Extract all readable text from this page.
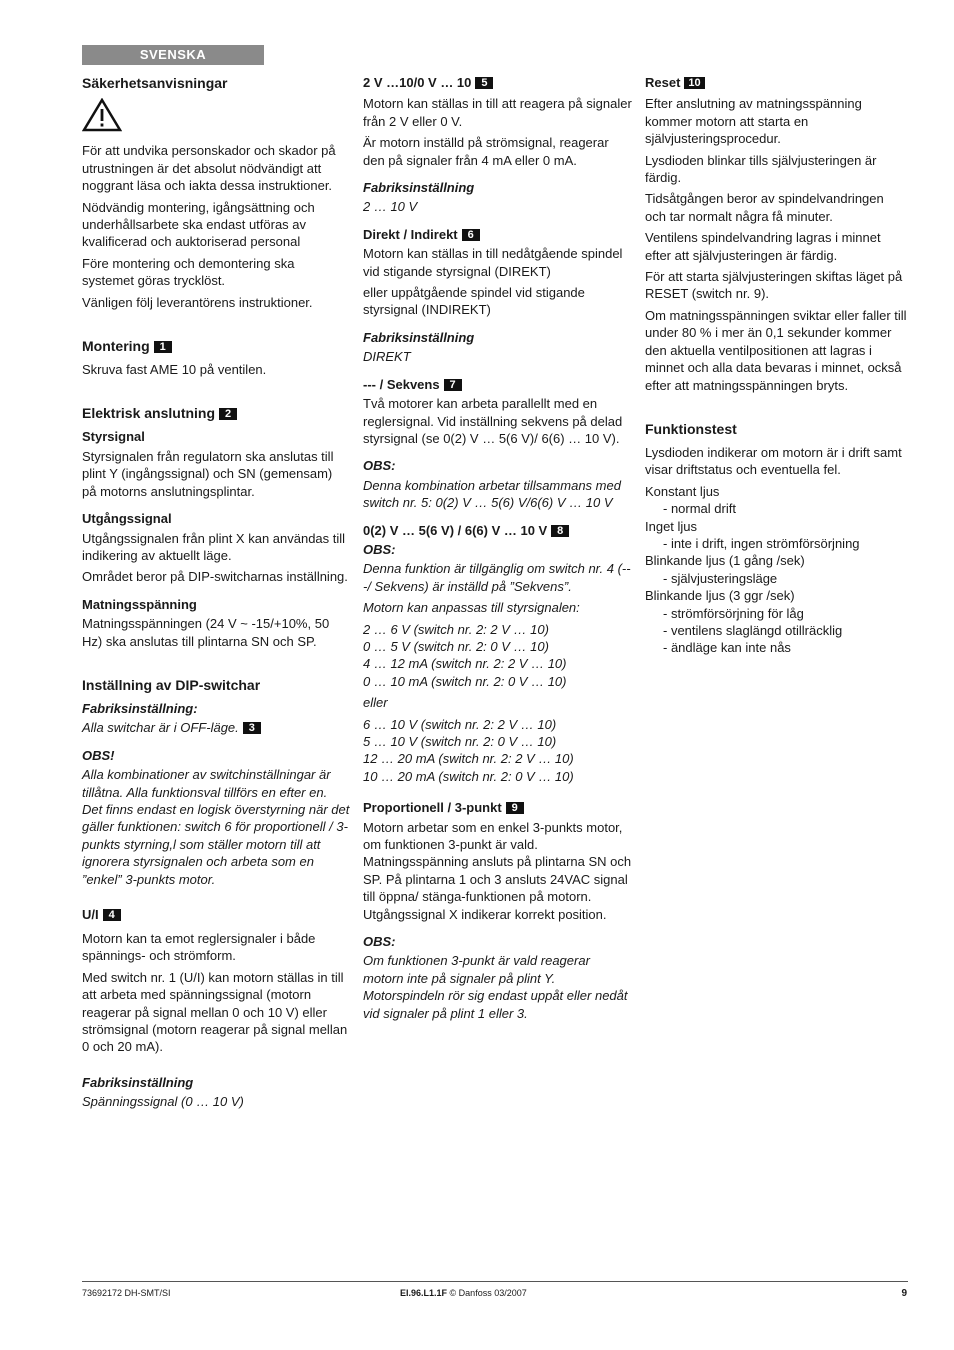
SVENSKA
Säkerhetsanvisningar

För att undvika personskador och skador på utrustningen är det absolut nödvändigt att noggrant läsa och iakta dessa instruktioner.

Nödvändig montering, igångsättning och underhållsarbete ska endast utföras av kvalificerad och auktoriserad personal

Före montering och demontering ska systemet göras trycklöst.

Vänligen följ leverantörens instruktioner.

Montering 1

Skruva fast AME 10 på ventilen.

Elektrisk anslutning 2
Styrsignal

Styrsignalen från regulatorn ska anslutas till plint Y (ingångssignal) och SN (gemensam) på motorns anslutningsplintar.

Utgångssignal

Utgångssignalen från plint X kan användas till indikering av aktuellt läge.

Området beror på DIP-switcharnas inställning.

Matningsspänning

Matningsspänningen (24 V ~ -15/+10%, 50 Hz) ska anslutas till plintarna SN och SP.

Inställning av DIP-switchar
Fabriksinställning:

Alla switchar är i OFF-läge. 3

OBS!

Alla kombinationer av switchinställningar är tillåtna. Alla funktionsval tillförs en efter en. Det finns endast en logisk överstyrning när det gäller funktionen: switch 6 för proportionell / 3-punkts styrning,l som ställer motorn till att ignorera styrsignalen och arbeta som en ”enkel” 3-punkts motor.

U/I 4

Motorn kan ta emot reglersignaler i både spännings- och strömform.

Med switch nr. 1 (U/I) kan motorn ställas in till att arbeta med spänningssignal (motorn reagerar på signal mellan 0 och 10 V) eller strömsignal (motorn reagerar på signal mellan 0 och 20 mA).

Fabriksinställning

Spänningssignal (0 … 10 V)

2 V …10/0 V … 10 5

Motorn kan ställas in till att reagera på signaler från 2 V eller 0 V.

Är motorn inställd på strömsignal, reagerar den på signaler från 4 mA eller 0 mA.

Fabriksinställning

2 … 10 V

Direkt / Indirekt 6

Motorn kan ställas in till nedåtgående spindel vid stigande styrsignal (DIREKT)

eller uppåtgående spindel vid stigande styrsignal (INDIREKT)

Fabriksinställning

DIREKT

--- / Sekvens 7

Två motorer kan arbeta parallellt med en reglersignal. Vid inställning sekvens på delad styrsignal (se 0(2) V … 5(6 V)/ 6(6) … 10 V).

OBS:

Denna kombination arbetar tillsammans med switch nr. 5: 0(2) V … 5(6) V/6(6) V … 10 V

0(2) V … 5(6 V) / 6(6) V … 10 V 8
OBS:

Denna funktion är tillgänglig om switch nr. 4 (---/ Sekvens) är inställd på ”Sekvens”.

Motorn kan anpassas till styrsignalen:

2 … 6 V (switch nr. 2: 2 V … 10)
0 … 5 V (switch nr. 2: 0 V … 10)
4 … 12 mA (switch nr. 2: 2 V … 10)
0 … 10 mA (switch nr. 2: 0 V … 10)

eller

6 … 10 V (switch nr. 2: 2 V … 10)
5 … 10 V (switch nr. 2: 0 V … 10)
12 … 20 mA (switch nr. 2: 2 V … 10)
10 … 20 mA (switch nr. 2: 0 V … 10)
Proportionell / 3-punkt 9

Motorn arbetar som en enkel 3-punkts motor, om funktionen 3-punkt är vald. Matningsspänning ansluts på plintarna SN och SP. På plintarna 1 och 3 ansluts 24VAC signal till öppna/ stänga-funktionen på motorn. Utgångssignal X indikerar korrekt position.

OBS:

Om funktionen 3-punkt är vald reagerar motorn inte på signaler på plint Y. Motorspindeln rör sig endast uppåt eller nedåt vid signaler på plint 1 eller 3.

Reset 10

Efter anslutning av matningsspänning kommer motorn att starta en självjusteringsprocedur.

Lysdioden blinkar tills självjusteringen är färdig.

Tidsåtgången beror av spindelvandringen och tar normalt några få minuter.

Ventilens spindelvandring lagras i minnet efter att självjusteringen är färdig.

För att starta självjusteringen skiftas läget på RESET (switch nr. 9).

Om matningsspänningen sviktar eller faller till under 80 % i mer än 0,1 sekunder kommer den aktuella ventilpositionen att lagras i minnet och alla data bevaras i minnet, också efter att matningsspänningen bryts.

Funktionstest

Lysdioden indikerar om motorn är i drift samt visar driftstatus och eventuella fel.

Konstant ljus
- normal drift
Inget ljus
- inte i drift, ingen strömförsörjning
Blinkande ljus (1 gång /sek)
- självjusteringsläge
Blinkande ljus (3 ggr /sek)
- strömförsörjning för låg
- ventilens slaglängd otillräcklig
- ändläge kan inte nås
73692172 DH-SMT/SI	EI.96.L1.1F © Danfoss 03/2007	9
